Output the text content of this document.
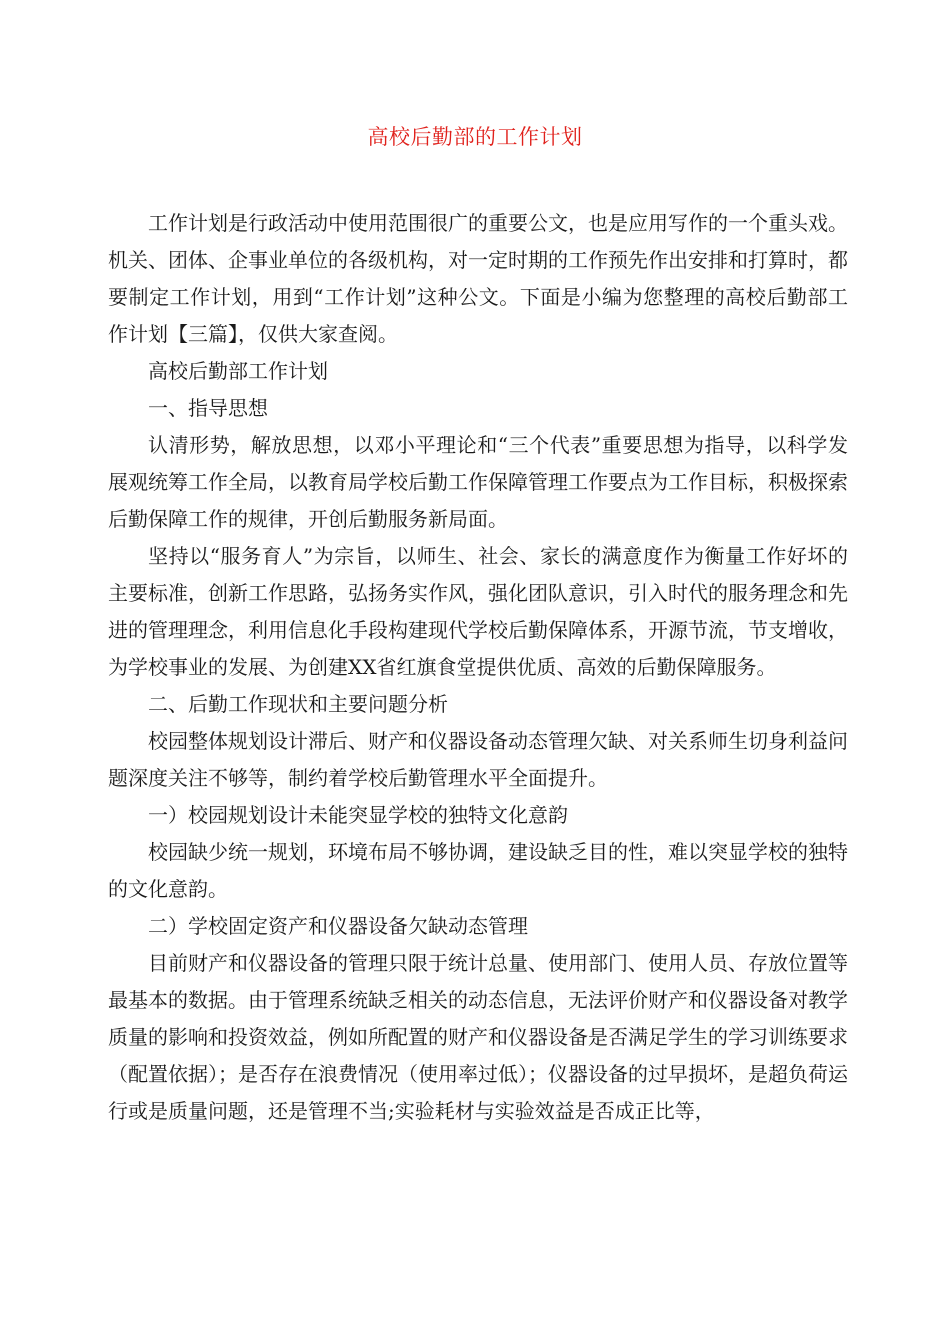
高校后勤部的工作计划

工作计划是行政活动中使用范围很广的重要公文，也是应用写作的一个重头戏。机关、团体、企事业单位的各级机构，对一定时期的工作预先作出安排和打算时，都要制定工作计划，用到“工作计划”这种公文。下面是小编为您整理的高校后勤部工作计划【三篇】，仅供大家查阅。

高校后勤部工作计划

一、指导思想

认清形势，解放思想，以邓小平理论和“三个代表”重要思想为指导，以科学发展观统筹工作全局，以教育局学校后勤工作保障管理工作要点为工作目标，积极探索后勤保障工作的规律，开创后勤服务新局面。

坚持以“服务育人”为宗旨，以师生、社会、家长的满意度作为衡量工作好坏的主要标准，创新工作思路，弘扬务实作风，强化团队意识，引入时代的服务理念和先进的管理理念，利用信息化手段构建现代学校后勤保障体系，开源节流，节支增收，为学校事业的发展、为创建XX省红旗食堂提供优质、高效的后勤保障服务。

二、后勤工作现状和主要问题分析

校园整体规划设计滞后、财产和仪器设备动态管理欠缺、对关系师生切身利益问题深度关注不够等，制约着学校后勤管理水平全面提升。

一）校园规划设计未能突显学校的独特文化意韵

校园缺少统一规划，环境布局不够协调，建设缺乏目的性，难以突显学校的独特的文化意韵。

二）学校固定资产和仪器设备欠缺动态管理

目前财产和仪器设备的管理只限于统计总量、使用部门、使用人员、存放位置等最基本的数据。由于管理系统缺乏相关的动态信息，无法评价财产和仪器设备对教学质量的影响和投资效益，例如所配置的财产和仪器设备是否满足学生的学习训练要求（配置依据）；是否存在浪费情况（使用率过低）；仪器设备的过早损坏，是超负荷运行或是质量问题，还是管理不当;实验耗材与实验效益是否成正比等，
